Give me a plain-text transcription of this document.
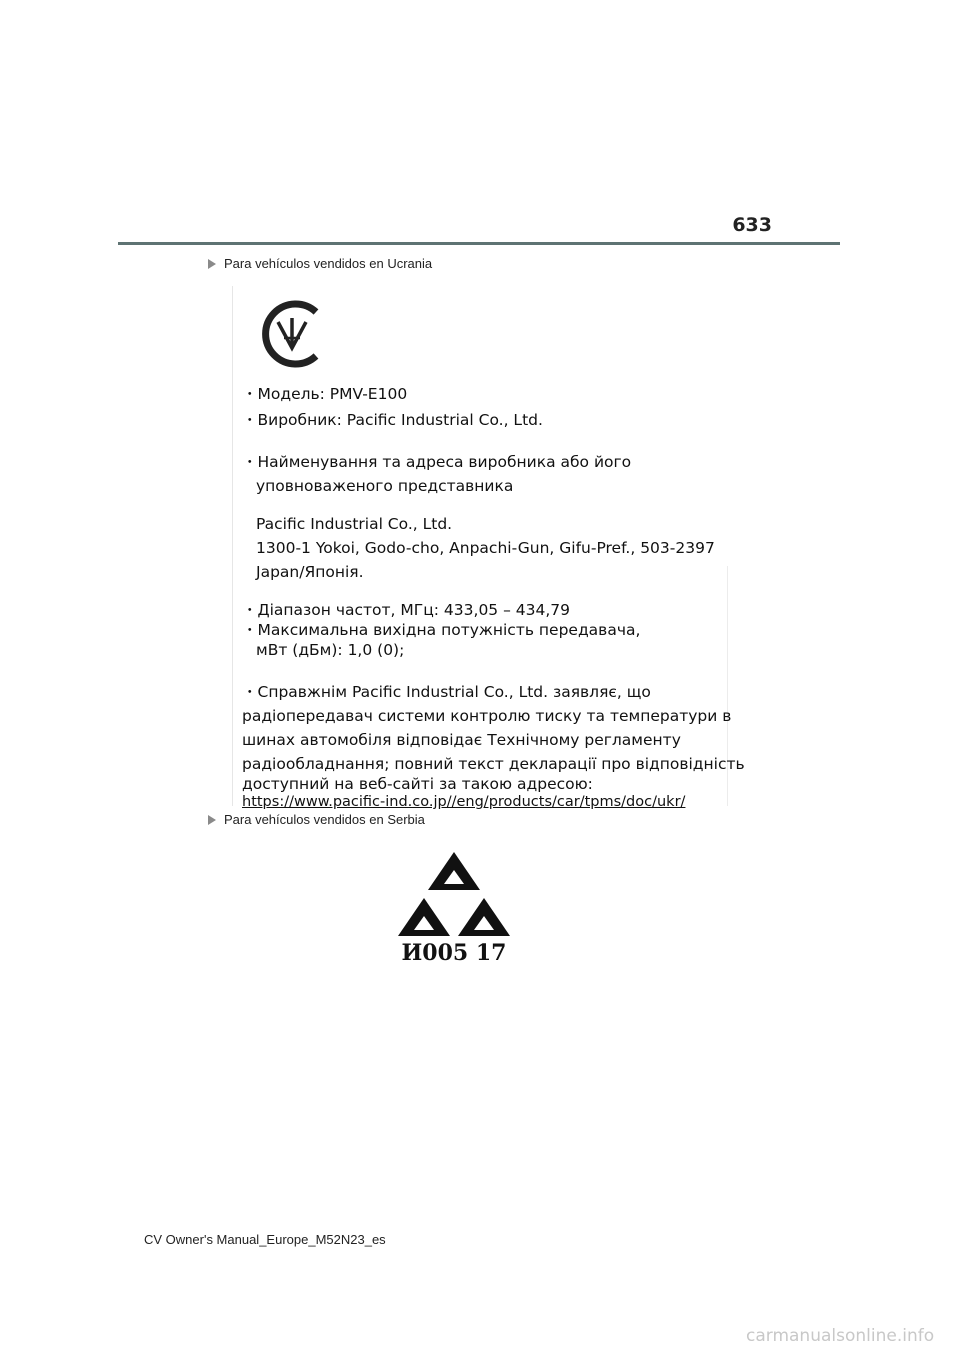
633
Para vehículos vendidos en Ucrania
・Модель: PMV-E100
・Виробник: Pacific Industrial Co., Ltd.
・Найменування та адреса виробника або його
уповноваженого представника
Pacific Industrial Co., Ltd.
1300-1 Yokoi, Godo-cho, Anpachi-Gun, Gifu-Pref., 503-2397
Japan/Японія.
・Діапазон частот, МГц: 433,05 – 434,79
・Максимальна вихідна потужність передавача,
мВт (дБм): 1,0 (0);
・Справжнім Pacific Industrial Co., Ltd. заявляє, що
радіопередавач системи контролю тиску та температури в
шинах автомобіля відповідає Технічному регламенту
радіообладнання; повний текст декларації про відповідність
доступний на веб-сайті за такою адресою:
https://www.pacific-ind.co.jp//eng/products/car/tpms/doc/ukr/
Para vehículos vendidos en Serbia
И005 17
CV Owner's Manual_Europe_M52N23_es
carmanualsonline.info
